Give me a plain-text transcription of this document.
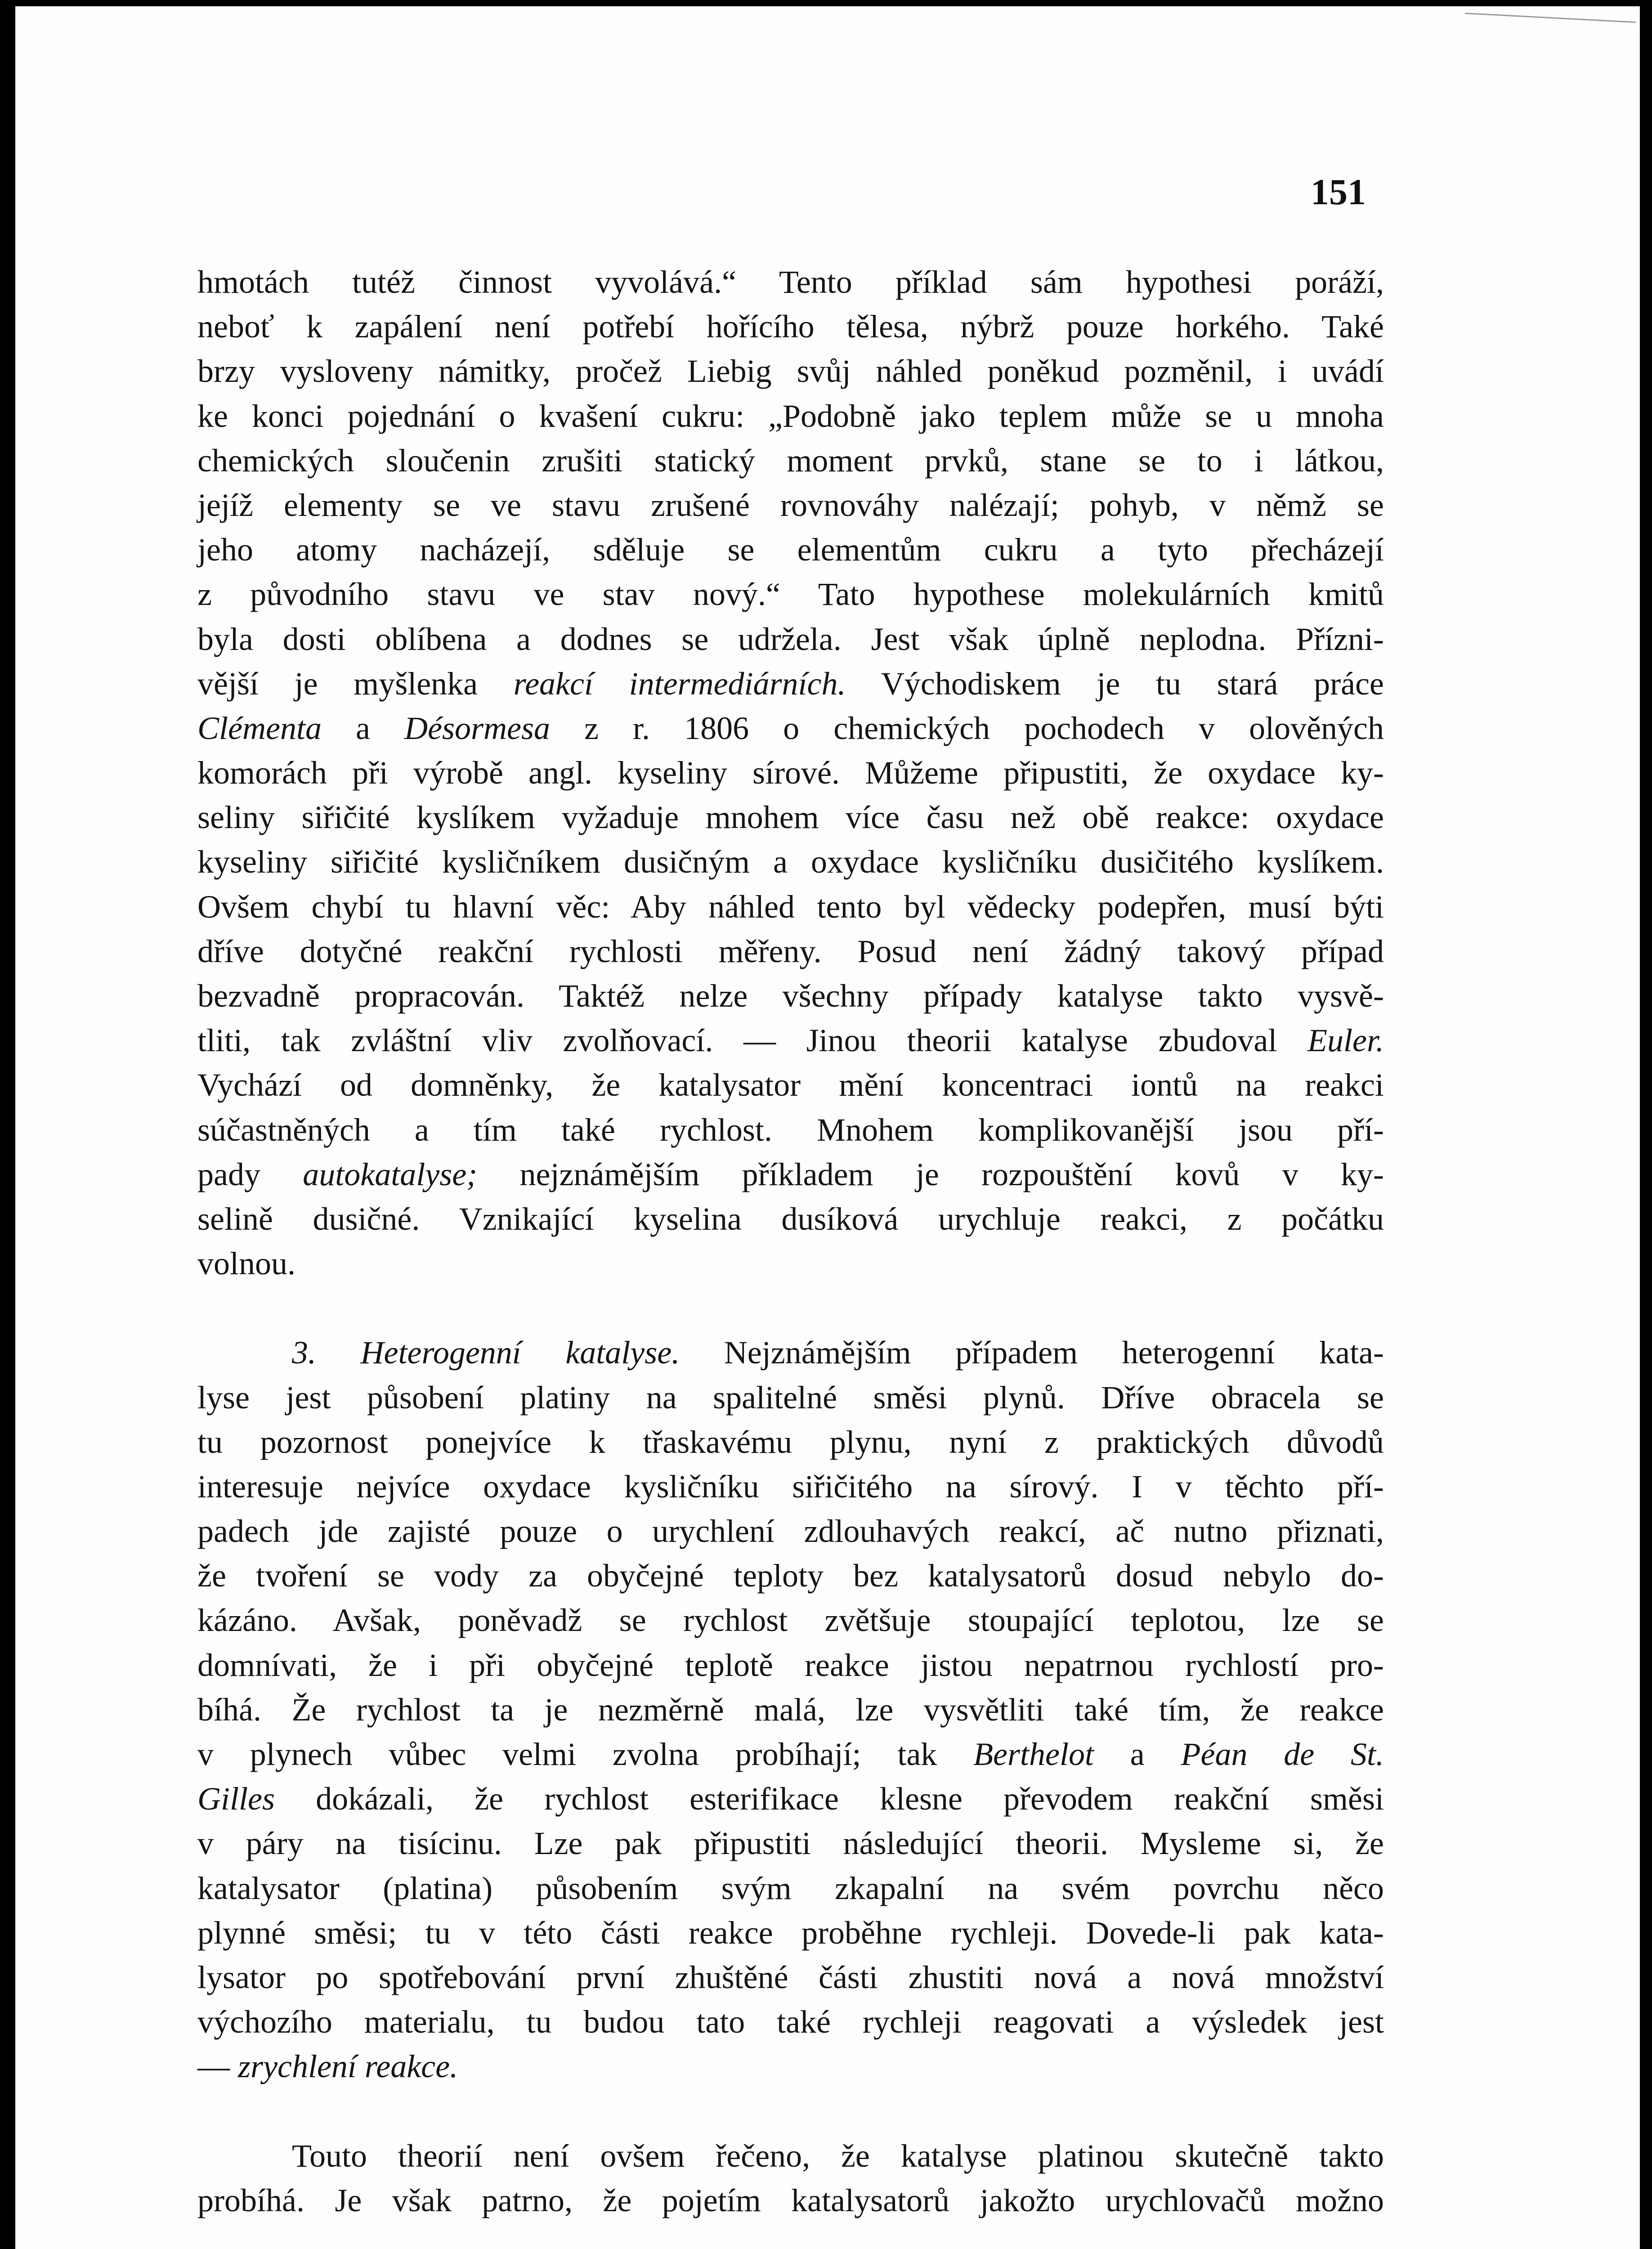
151

hmotách tutéž činnost vyvolává.“ Tento příklad sám hypothesi poráží,
neboť k zapálení není potřebí hořícího tělesa, nýbrž pouze horkého. Také
brzy vysloveny námitky, pročež Liebig svůj náhled poněkud pozměnil, i uvádí
ke konci pojednání o kvašení cukru: „Podobně jako teplem může se u mnoha
chemických sloučenin zrušiti statický moment prvků, stane se to i látkou,
jejíž elementy se ve stavu zrušené rovnováhy nalézají; pohyb, v němž se
jeho atomy nacházejí, sděluje se elementům cukru a tyto přecházejí
z původního stavu ve stav nový.“ Tato hypothese molekulárních kmitů
byla dosti oblíbena a dodnes se udržela. Jest však úplně neplodna. Přízni-
vější je myšlenka reakcí intermediárních. Východiskem je tu stará práce
Clémenta a Désormesa z r. 1806 o chemických pochodech v olověných
komorách při výrobě angl. kyseliny sírové. Můžeme připustiti, že oxydace ky-
seliny siřičité kyslíkem vyžaduje mnohem více času než obě reakce: oxydace
kyseliny siřičité kysličníkem dusičným a oxydace kysličníku dusičitého kyslíkem.
Ovšem chybí tu hlavní věc: Aby náhled tento byl vědecky podepřen, musí býti
dříve dotyčné reakční rychlosti měřeny. Posud není žádný takový případ
bezvadně propracován. Taktéž nelze všechny případy katalyse takto vysvě-
tliti, tak zvláštní vliv zvolňovací. — Jinou theorii katalyse zbudoval Euler.
Vychází od domněnky, že katalysator mění koncentraci iontů na reakci
súčastněných a tím také rychlost. Mnohem komplikovanější jsou pří-
pady autokatalyse; nejznámějším příkladem je rozpouštění kovů v ky-
selině dusičné. Vznikající kyselina dusíková urychluje reakci, z počátku
volnou.

3. Heterogenní katalyse. Nejznámějším případem heterogenní kata-
lyse jest působení platiny na spalitelné směsi plynů. Dříve obracela se
tu pozornost ponejvíce k třaskavému plynu, nyní z praktických důvodů
interesuje nejvíce oxydace kysličníku siřičitého na sírový. I v těchto pří-
padech jde zajisté pouze o urychlení zdlouhavých reakcí, ač nutno přiznati,
že tvoření se vody za obyčejné teploty bez katalysatorů dosud nebylo do-
kázáno. Avšak, poněvadž se rychlost zvětšuje stoupající teplotou, lze se
domnívati, že i při obyčejné teplotě reakce jistou nepatrnou rychlostí pro-
bíhá. Že rychlost ta je nezměrně malá, lze vysvětliti také tím, že reakce
v plynech vůbec velmi zvolna probíhají; tak Berthelot a Péan de St.
Gilles dokázali, že rychlost esterifikace klesne převodem reakční směsi
v páry na tisícinu. Lze pak připustiti následující theorii. Mysleme si, že
katalysator (platina) působením svým zkapalní na svém povrchu něco
plynné směsi; tu v této části reakce proběhne rychleji. Dovede-li pak kata-
lysator po spotřebování první zhuštěné části zhustiti nová a nová množství
výchozího materialu, tu budou tato také rychleji reagovati a výsledek jest
— zrychlení reakce.

Touto theorií není ovšem řečeno, že katalyse platinou skutečně takto
probíhá. Je však patrno, že pojetím katalysatorů jakožto urychlovačů možno
